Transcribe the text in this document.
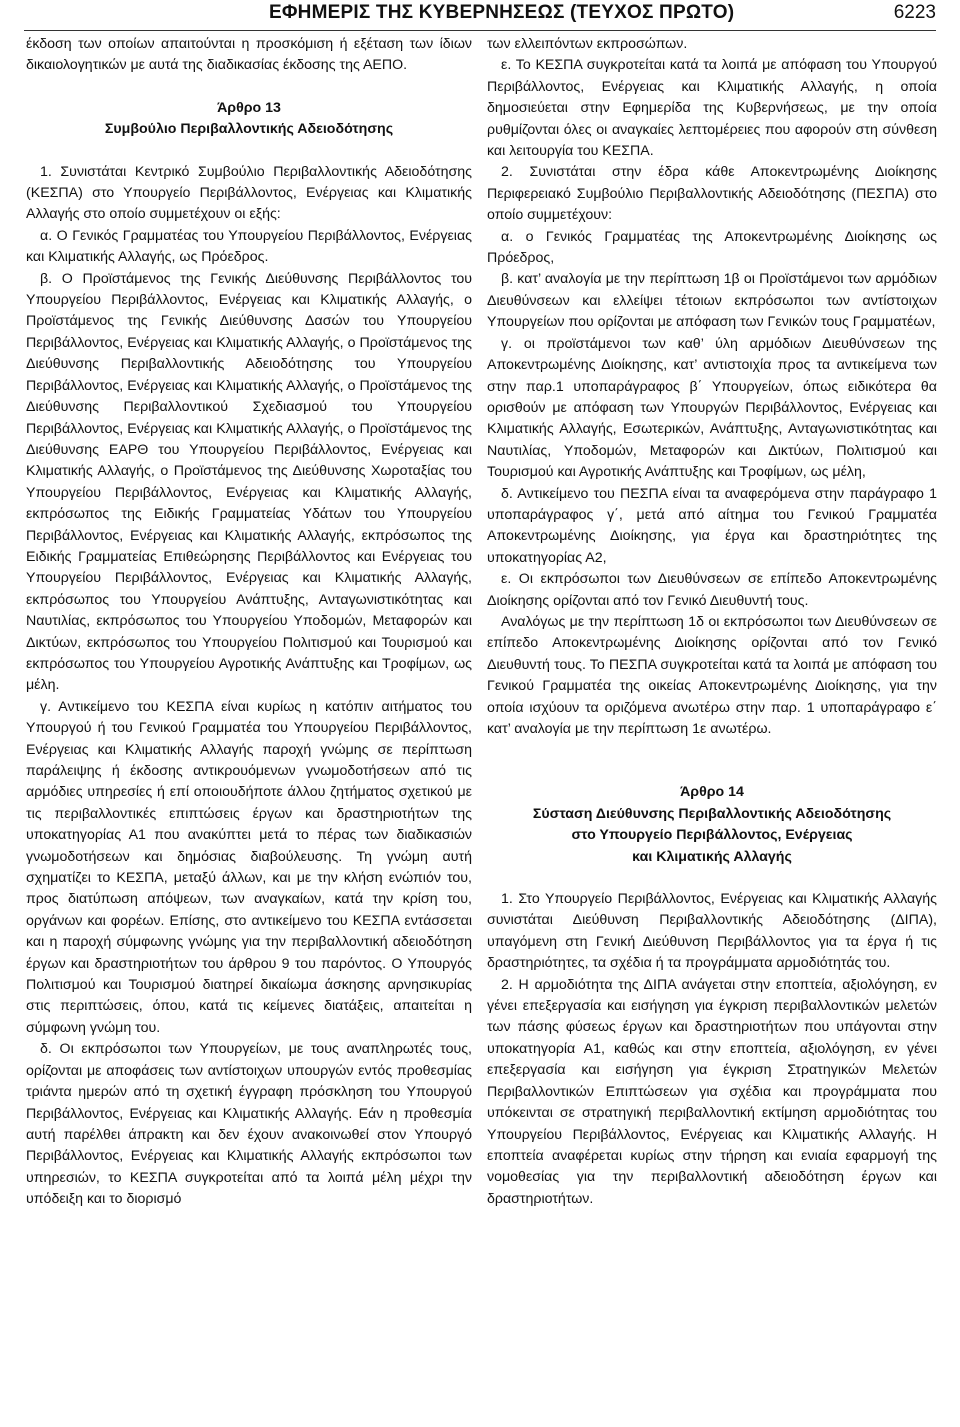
ΕΦΗΜΕΡΙΣ ΤΗΣ ΚΥΒΕΡΝΗΣΕΩΣ (ΤΕΥΧΟΣ ΠΡΩΤΟ)	6223

έκδοση των οποίων απαιτούνται η προσκόμιση ή εξέταση των ίδιων δικαιολογητικών με αυτά της διαδικασίας έκδοσης της ΑΕΠΟ.

Άρθρο 13

Συμβούλιο Περιβαλλοντικής Αδειοδότησης

1. Συνιστάται Κεντρικό Συμβούλιο Περιβαλλοντικής Αδειοδότησης (ΚΕΣΠΑ) στο Υπουργείο Περιβάλλοντος, Ενέργειας και Κλιματικής Αλλαγής στο οποίο συμμετέχουν οι εξής:

α. Ο Γενικός Γραμματέας του Υπουργείου Περιβάλλοντος, Ενέργειας και Κλιματικής Αλλαγής, ως Πρόεδρος.

β. Ο Προϊστάμενος της Γενικής Διεύθυνσης Περιβάλλοντος του Υπουργείου Περιβάλλοντος, Ενέργειας και Κλιματικής Αλλαγής, ο Προϊστάμενος της Γενικής Διεύθυνσης Δασών του Υπουργείου Περιβάλλοντος, Ενέργειας και Κλιματικής Αλλαγής, ο Προϊστάμενος της Διεύθυνσης Περιβαλλοντικής Αδειοδότησης του Υπουργείου Περιβάλλοντος, Ενέργειας και Κλιματικής Αλλαγής, ο Προϊστάμενος της Διεύθυνσης Περιβαλλοντικού Σχεδιασμού του Υπουργείου Περιβάλλοντος, Ενέργειας και Κλιματικής Αλλαγής, ο Προϊστάμενος της Διεύθυνσης ΕΑΡΘ του Υπουργείου Περιβάλλοντος, Ενέργειας και Κλιματικής Αλλαγής, ο Προϊστάμενος της Διεύθυνσης Χωροταξίας του Υπουργείου Περιβάλλοντος, Ενέργειας και Κλιματικής Αλλαγής, εκπρόσωπος της Ειδικής Γραμματείας Υδάτων του Υπουργείου Περιβάλλοντος, Ενέργειας και Κλιματικής Αλλαγής, εκπρόσωπος της Ειδικής Γραμματείας Επιθεώρησης Περιβάλλοντος και Ενέργειας του Υπουργείου Περιβάλλοντος, Ενέργειας και Κλιματικής Αλλαγής, εκπρόσωπος του Υπουργείου Ανάπτυξης, Ανταγωνιστικότητας και Ναυτιλίας, εκπρόσωπος του Υπουργείου Υποδομών, Μεταφορών και Δικτύων, εκπρόσωπος του Υπουργείου Πολιτισμού και Τουρισμού και εκπρόσωπος του Υπουργείου Αγροτικής Ανάπτυξης και Τροφίμων, ως μέλη.

γ. Αντικείμενο του ΚΕΣΠΑ είναι κυρίως η κατόπιν αιτήματος του Υπουργού ή του Γενικού Γραμματέα του Υπουργείου Περιβάλλοντος, Ενέργειας και Κλιματικής Αλλαγής παροχή γνώμης σε περίπτωση παράλειψης ή έκδοσης αντικρουόμενων γνωμοδοτήσεων από τις αρμόδιες υπηρεσίες ή επί οποιουδήποτε άλλου ζητήματος σχετικού με τις περιβαλλοντικές επιπτώσεις έργων και δραστηριοτήτων της υποκατηγορίας Α1 που ανακύπτει μετά το πέρας των διαδικασιών γνωμοδοτήσεων και δημόσιας διαβούλευσης. Τη γνώμη αυτή σχηματίζει το ΚΕΣΠΑ, μεταξύ άλλων, και με την κλήση ενώπιόν του, προς διατύπωση απόψεων, των αναγκαίων, κατά την κρίση του, οργάνων και φορέων. Επίσης, στο αντικείμενο του ΚΕΣΠΑ εντάσσεται και η παροχή σύμφωνης γνώμης για την περιβαλλοντική αδειοδότηση έργων και δραστηριοτήτων του άρθρου 9 του παρόντος. Ο Υπουργός Πολιτισμού και Τουρισμού διατηρεί δικαίωμα άσκησης αρνησικυρίας στις περιπτώσεις, όπου, κατά τις κείμενες διατάξεις, απαιτείται η σύμφωνη γνώμη του.

δ. Οι εκπρόσωποι των Υπουργείων, με τους αναπληρωτές τους, ορίζονται με αποφάσεις των αντίστοιχων υπουργών εντός προθεσμίας τριάντα ημερών από τη σχετική έγγραφη πρόσκληση του Υπουργού Περιβάλλοντος, Ενέργειας και Κλιματικής Αλλαγής. Εάν η προθεσμία αυτή παρέλθει άπρακτη και δεν έχουν ανακοινωθεί στον Υπουργό Περιβάλλοντος, Ενέργειας και Κλιματικής Αλλαγής εκπρόσωποι των υπηρεσιών, το ΚΕΣΠΑ συγκροτείται από τα λοιπά μέλη μέχρι την υπόδειξη και το διορισμό

των ελλειπόντων εκπροσώπων.

ε. Το ΚΕΣΠΑ συγκροτείται κατά τα λοιπά με απόφαση του Υπουργού Περιβάλλοντος, Ενέργειας και Κλιματικής Αλλαγής, η οποία δημοσιεύεται στην Εφημερίδα της Κυβερνήσεως, με την οποία ρυθμίζονται όλες οι αναγκαίες λεπτομέρειες που αφορούν στη σύνθεση και λειτουργία του ΚΕΣΠΑ.

2. Συνιστάται στην έδρα κάθε Αποκεντρωμένης Διοίκησης Περιφερειακό Συμβούλιο Περιβαλλοντικής Αδειοδότησης (ΠΕΣΠΑ) στο οποίο συμμετέχουν:

α. ο Γενικός Γραμματέας της Αποκεντρωμένης Διοίκησης ως Πρόεδρος,

β. κατ’ αναλογία με την περίπτωση 1β οι Προϊστάμενοι των αρμόδιων Διευθύνσεων και ελλείψει τέτοιων εκπρόσωποι των αντίστοιχων Υπουργείων που ορίζονται με απόφαση των Γενικών τους Γραμματέων,

γ. οι προϊστάμενοι των καθ’ ύλη αρμόδιων Διευθύνσεων της Αποκεντρωμένης Διοίκησης, κατ’ αντιστοιχία προς τα αντικείμενα των στην παρ.1 υποπαράγραφος β΄ Υπουργείων, όπως ειδικότερα θα ορισθούν με απόφαση των Υπουργών Περιβάλλοντος, Ενέργειας και Κλιματικής Αλλαγής, Εσωτερικών, Ανάπτυξης, Ανταγωνιστικότητας και Ναυτιλίας, Υποδομών, Μεταφορών και Δικτύων, Πολιτισμού και Τουρισμού και Αγροτικής Ανάπτυξης και Τροφίμων, ως μέλη,

δ. Αντικείμενο του ΠΕΣΠΑ είναι τα αναφερόμενα στην παράγραφο 1 υποπαράγραφος γ΄, μετά από αίτημα του Γενικού Γραμματέα Αποκεντρωμένης Διοίκησης, για έργα και δραστηριότητες της υποκατηγορίας Α2,

ε. Οι εκπρόσωποι των Διευθύνσεων σε επίπεδο Αποκεντρωμένης Διοίκησης ορίζονται από τον Γενικό Διευθυντή τους.

Αναλόγως με την περίπτωση 1δ οι εκπρόσωποι των Διευθύνσεων σε επίπεδο Αποκεντρωμένης Διοίκησης ορίζονται από τον Γενικό Διευθυντή τους. Το ΠΕΣΠΑ συγκροτείται κατά τα λοιπά με απόφαση του Γενικού Γραμματέα της οικείας Αποκεντρωμένης Διοίκησης, για την οποία ισχύουν τα οριζόμενα ανωτέρω στην παρ. 1 υποπαράγραφο ε΄ κατ’ αναλογία με την περίπτωση 1ε ανωτέρω.

Άρθρο 14

Σύσταση Διεύθυνσης Περιβαλλοντικής Αδειοδότησης

στο Υπουργείο Περιβάλλοντος, Ενέργειας

και Κλιματικής Αλλαγής

1. Στο Υπουργείο Περιβάλλοντος, Ενέργειας και Κλιματικής Αλλαγής συνιστάται Διεύθυνση Περιβαλλοντικής Αδειοδότησης (ΔΙΠΑ), υπαγόμενη στη Γενική Διεύθυνση Περιβάλλοντος για τα έργα ή τις δραστηριότητες, τα σχέδια ή τα προγράμματα αρμοδιότητάς του.

2. Η αρμοδιότητα της ΔΙΠΑ ανάγεται στην εποπτεία, αξιολόγηση, εν γένει επεξεργασία και εισήγηση για έγκριση περιβαλλοντικών μελετών των πάσης φύσεως έργων και δραστηριοτήτων που υπάγονται στην υποκατηγορία Α1, καθώς και στην εποπτεία, αξιολόγηση, εν γένει επεξεργασία και εισήγηση για έγκριση Στρατηγικών Μελετών Περιβαλλοντικών Επιπτώσεων για σχέδια και προγράμματα που υπόκεινται σε στρατηγική περιβαλλοντική εκτίμηση αρμοδιότητας του Υπουργείου Περιβάλλοντος, Ενέργειας και Κλιματικής Αλλαγής. Η εποπτεία αναφέρεται κυρίως στην τήρηση και ενιαία εφαρμογή της νομοθεσίας για την περιβαλλοντική αδειοδότηση έργων και δραστηριοτήτων.
